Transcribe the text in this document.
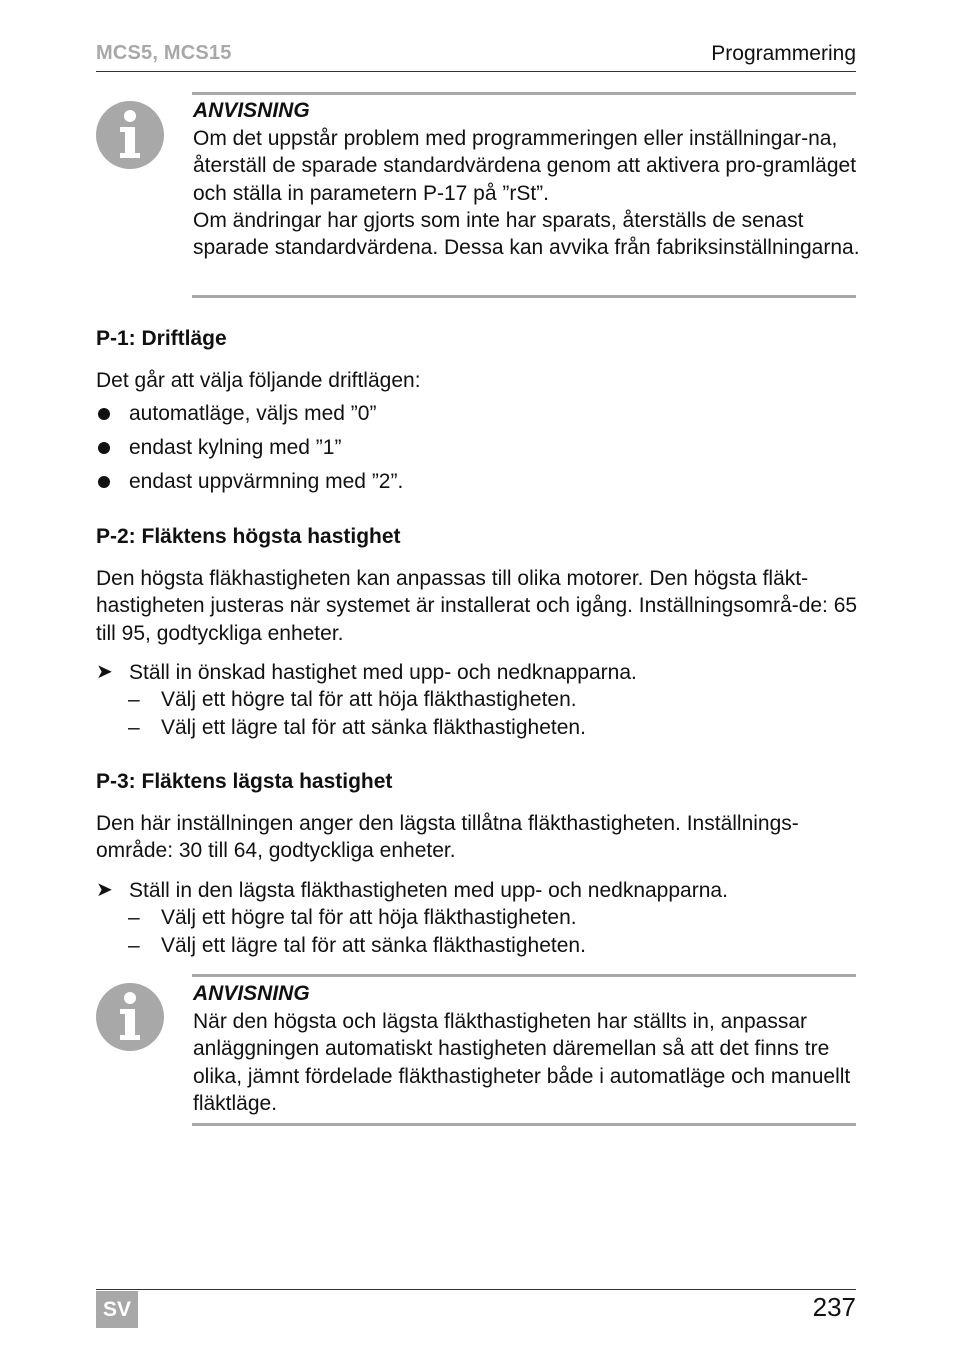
MCS5, MCS15	Programmering
ANVISNING

Om det uppstår problem med programmeringen eller inställningar-na, återställ de sparade standardvärdena genom att aktivera pro-gramläget och ställa in parametern P-17 på ”rSt”.

Om ändringar har gjorts som inte har sparats, återställs de senast sparade standardvärdena. Dessa kan avvika från fabriksinställningarna.

P-1: Driftläge

Det går att välja följande driftlägen:

automatläge, väljs med ”0”
endast kylning med ”1”
endast uppvärmning med ”2”.
P-2: Fläktens högsta hastighet

Den högsta fläkhastigheten kan anpassas till olika motorer. Den högsta fläkt-hastigheten justeras när systemet är installerat och igång. Inställningsområ-de: 65 till 95, godtyckliga enheter.

➤ Ställ in önskad hastighet med upp- och nedknapparna.
– Välj ett högre tal för att höja fläkthastigheten.
– Välj ett lägre tal för att sänka fläkthastigheten.
P-3: Fläktens lägsta hastighet

Den här inställningen anger den lägsta tillåtna fläkthastigheten. Inställnings-område: 30 till 64, godtyckliga enheter.

➤ Ställ in den lägsta fläkthastigheten med upp- och nedknapparna.
– Välj ett högre tal för att höja fläkthastigheten.
– Välj ett lägre tal för att sänka fläkthastigheten.
ANVISNING

När den högsta och lägsta fläkthastigheten har ställts in, anpassar anläggningen automatiskt hastigheten däremellan så att det finns tre olika, jämnt fördelade fläkthastigheter både i automatläge och manuellt fläktläge.

SV	237
